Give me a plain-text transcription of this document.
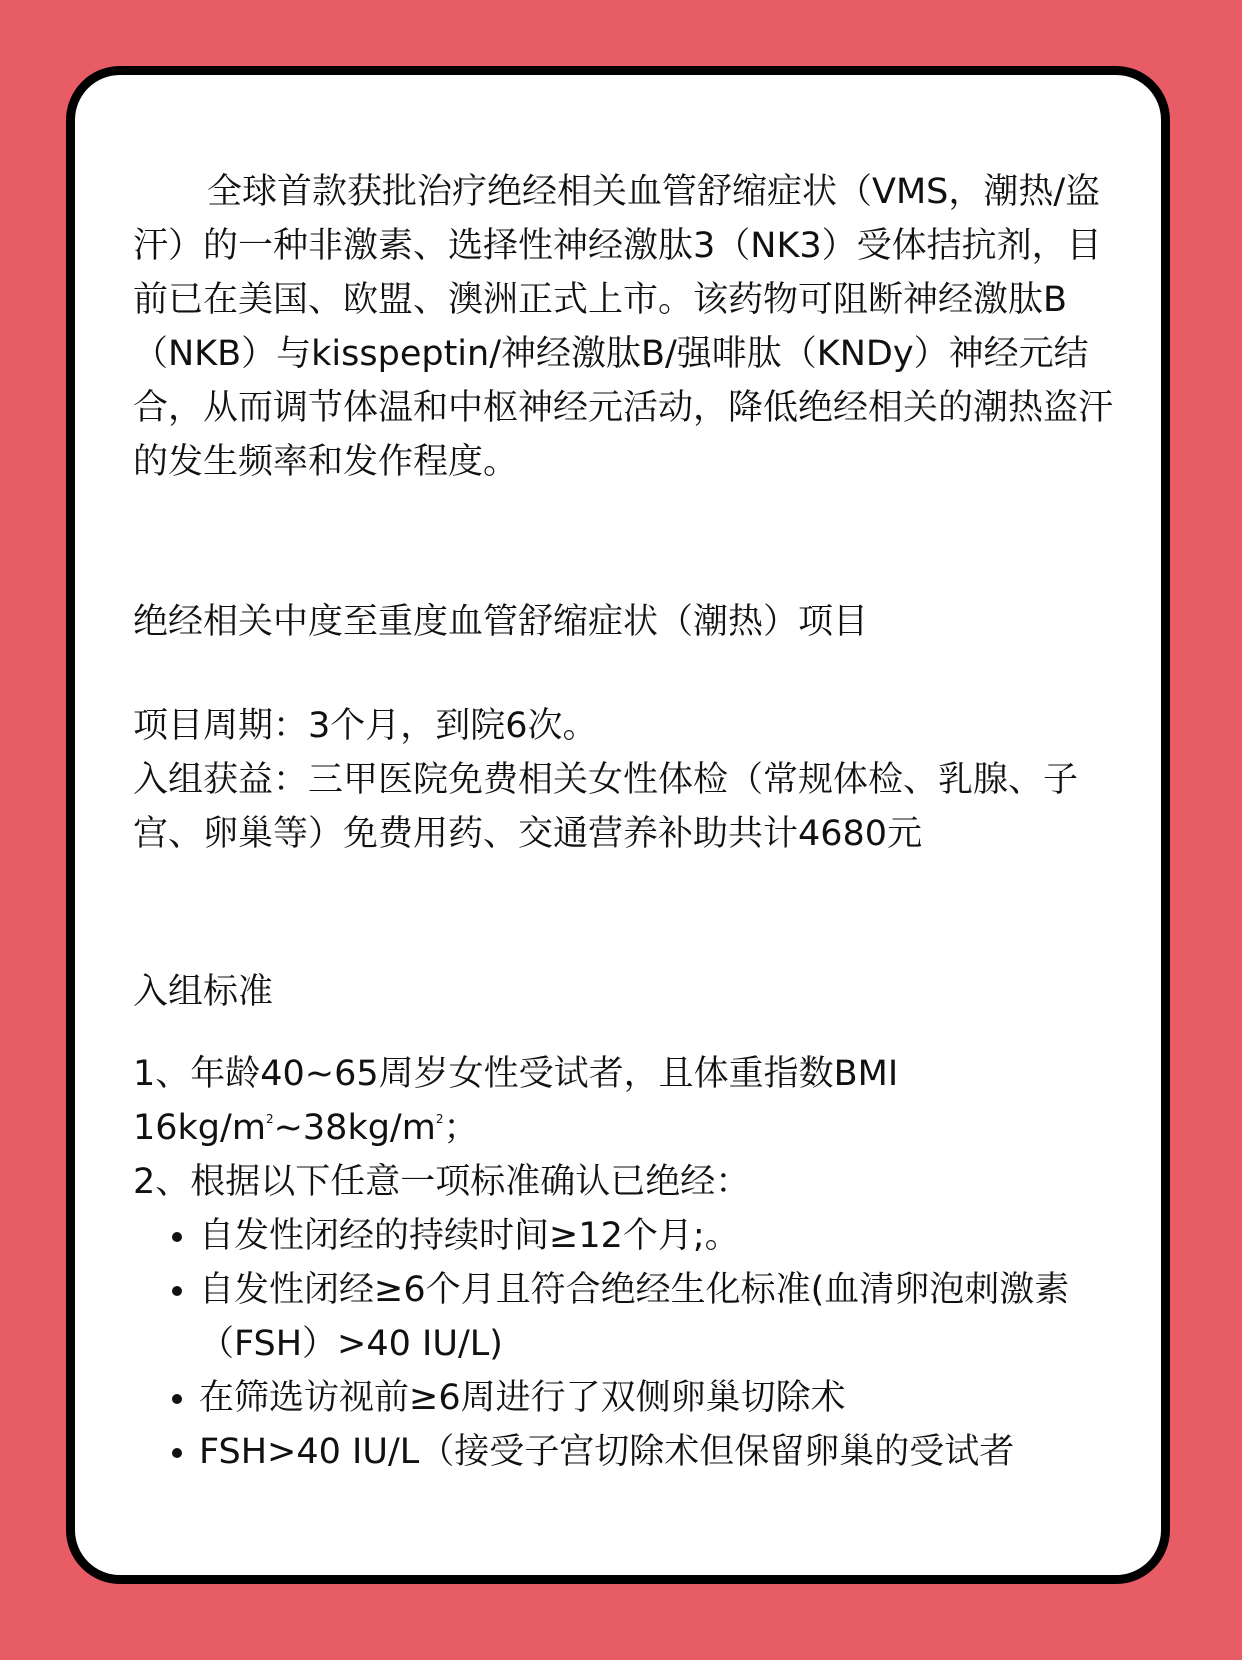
全球首款获批治疗绝经相关血管舒缩症状（VMS，潮热/盗汗）的一种非激素、选择性神经激肽3（NK3）受体拮抗剂，目前已在美国、欧盟、澳洲正式上市。该药物可阻断神经激肽B（NKB）与kisspeptin/神经激肽B/强啡肽（KNDy）神经元结合，从而调节体温和中枢神经元活动，降低绝经相关的潮热盗汗的发生频率和发作程度。

绝经相关中度至重度血管舒缩症状（潮热）项目

项目周期：3个月，到院6次。

入组获益：三甲医院免费相关女性体检（常规体检、乳腺、子宫、卵巢等）免费用药、交通营养补助共计4680元

入组标准

1、年龄40~65周岁女性受试者，且体重指数BMI
$16kg/m^2\sim 38kg/m^2$；

2、根据以下任意一项标准确认已绝经：

• 自发性闭经的持续时间≥12个月;。
• 自发性闭经≥6个月且符合绝经生化标准(血清卵泡刺激素（FSH）>40 IU/L)
• 在筛选访视前≥6周进行了双侧卵巢切除术
• FSH>40 IU/L（接受子宫切除术但保留卵巢的受试者
